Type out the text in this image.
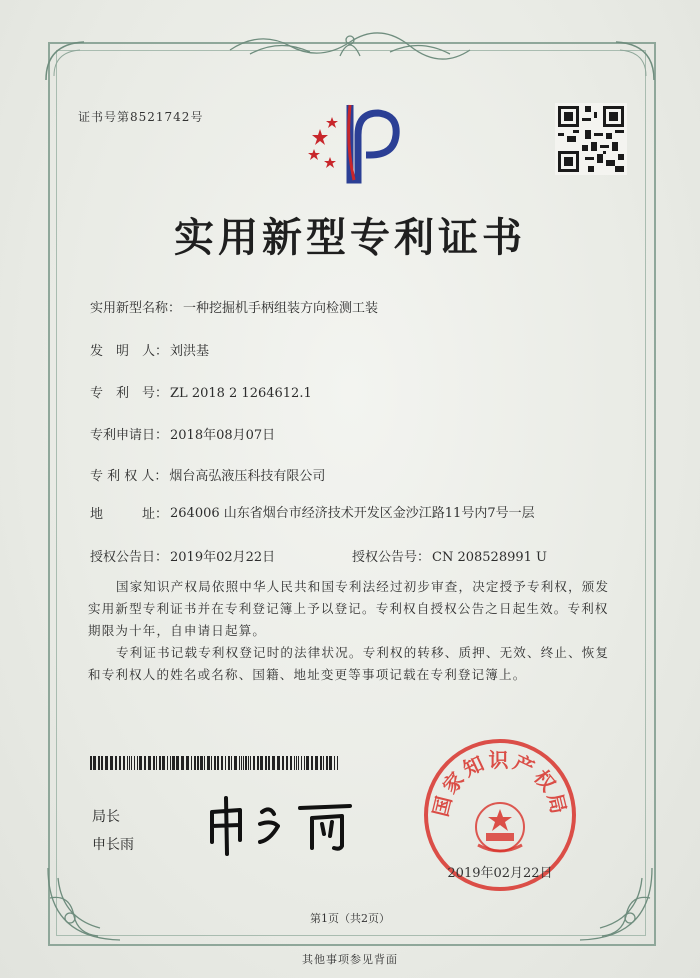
证书号第8521742号
实用新型专利证书
实用新型名称： 一种挖掘机手柄组装方向检测工装
发　明　人： 刘洪基
专　利　号： ZL 2018 2 1264612.1
专利申请日： 2018年08月07日
专 利 权 人： 烟台高弘液压科技有限公司
地　　　址： 264006 山东省烟台市经济技术开发区金沙江路11号内7号一层
授权公告日： 2019年02月22日	授权公告号： CN 208528991 U
国家知识产权局依照中华人民共和国专利法经过初步审查，决定授予专利权，颁发实用新型专利证书并在专利登记簿上予以登记。专利权自授权公告之日起生效。专利权期限为十年，自申请日起算。
专利证书记载专利权登记时的法律状况。专利权的转移、质押、无效、终止、恢复和专利权人的姓名或名称、国籍、地址变更等事项记载在专利登记簿上。
局长
申长雨
国家知识产权局
2019年02月22日
第1页（共2页）
其他事项参见背面
